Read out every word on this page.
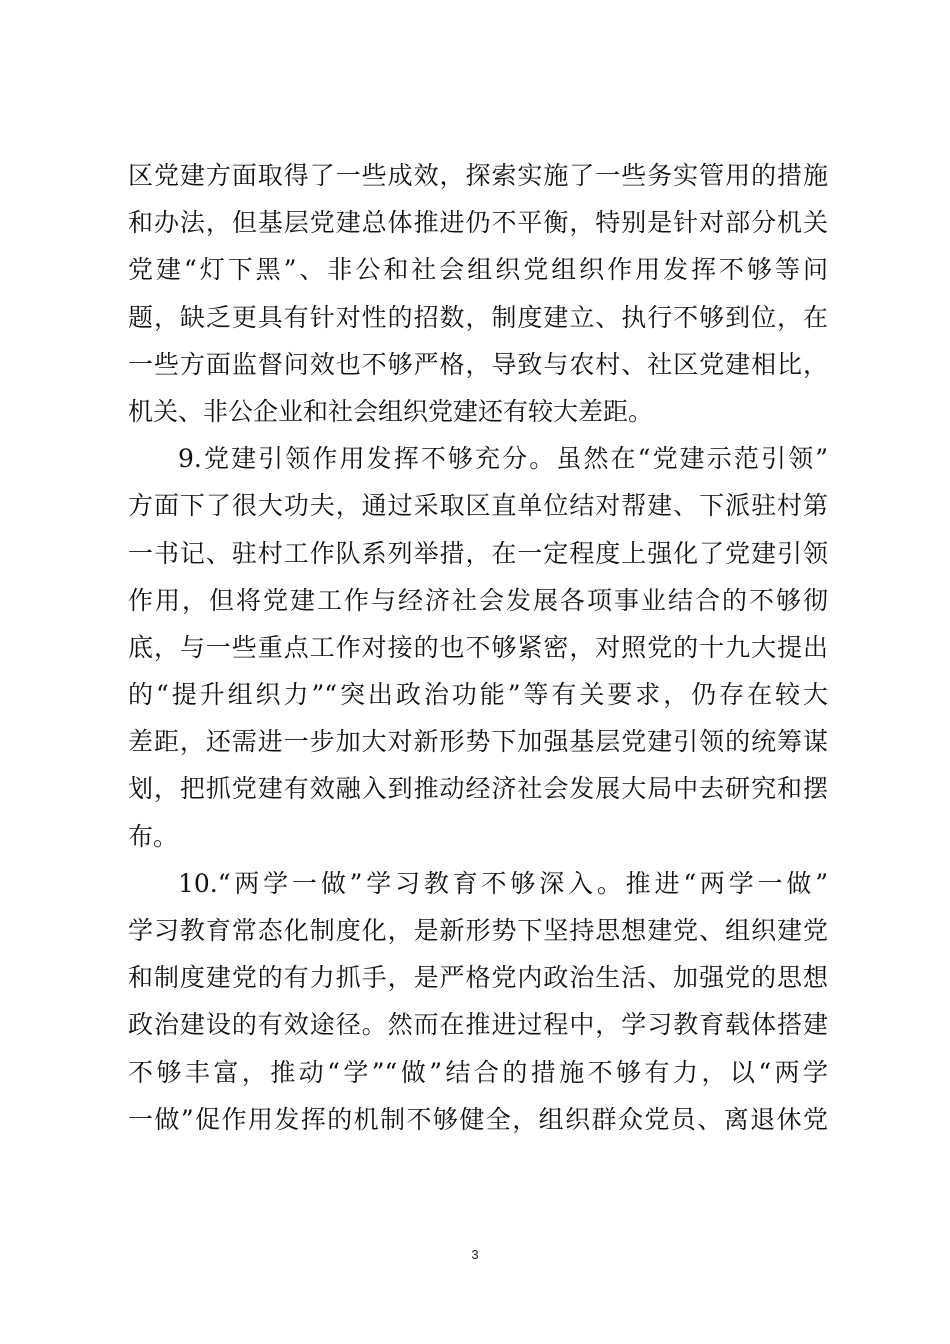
区党建方面取得了一些成效，探索实施了一些务实管用的措施
和办法，但基层党建总体推进仍不平衡，特别是针对部分机关
党建“灯下黑”、非公和社会组织党组织作用发挥不够等问
题，缺乏更具有针对性的招数，制度建立、执行不够到位，在
一些方面监督问效也不够严格，导致与农村、社区党建相比，
机关、非公企业和社会组织党建还有较大差距。
9.党建引领作用发挥不够充分。虽然在“党建示范引领”
方面下了很大功夫，通过采取区直单位结对帮建、下派驻村第
一书记、驻村工作队系列举措，在一定程度上强化了党建引领
作用，但将党建工作与经济社会发展各项事业结合的不够彻
底，与一些重点工作对接的也不够紧密，对照党的十九大提出
的“提升组织力”“突出政治功能”等有关要求，仍存在较大
差距，还需进一步加大对新形势下加强基层党建引领的统筹谋
划，把抓党建有效融入到推动经济社会发展大局中去研究和摆
布。
10.“两学一做”学习教育不够深入。推进“两学一做”
学习教育常态化制度化，是新形势下坚持思想建党、组织建党
和制度建党的有力抓手，是严格党内政治生活、加强党的思想
政治建设的有效途径。然而在推进过程中，学习教育载体搭建
不够丰富，推动“学”“做”结合的措施不够有力，以“两学
一做”促作用发挥的机制不够健全，组织群众党员、离退休党
3
